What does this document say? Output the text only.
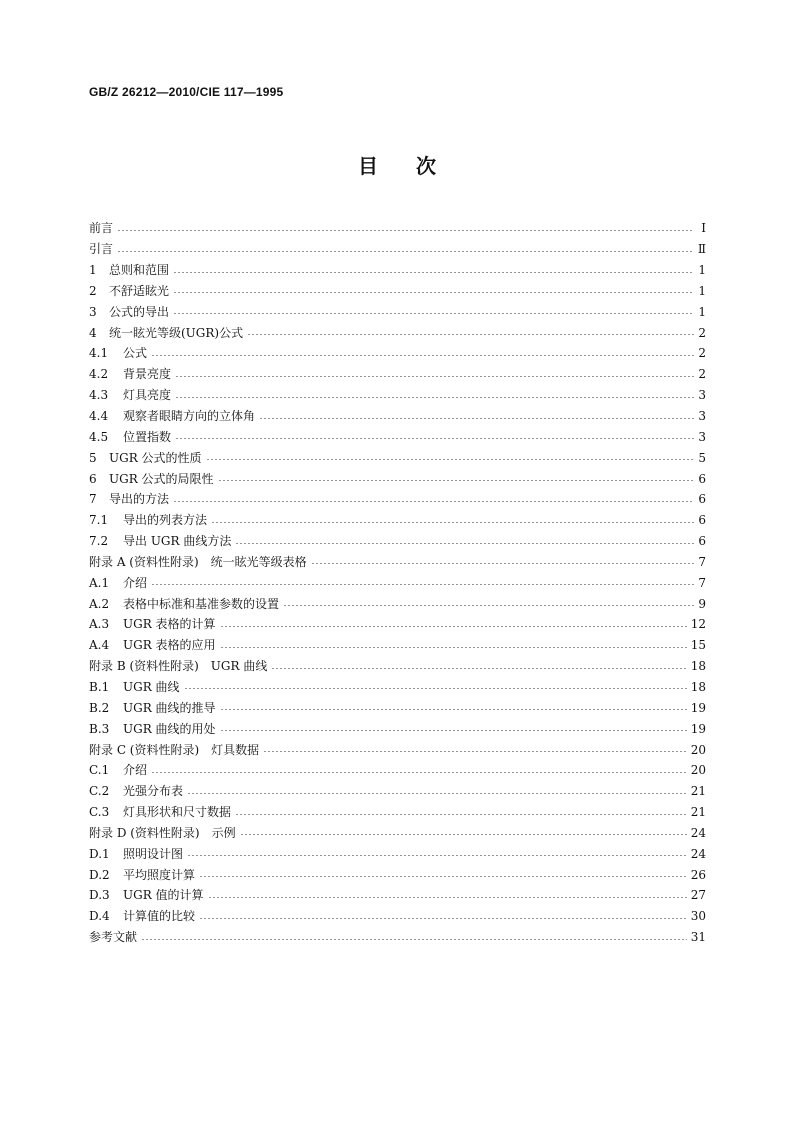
GB/Z 26212—2010/CIE 117—1995
目次
前言	Ⅰ
引言	Ⅱ
1	总则和范围	1
2	不舒适眩光	1
3	公式的导出	1
4	统一眩光等级(UGR)公式	2
4.1	公式	2
4.2	背景亮度	2
4.3	灯具亮度	3
4.4	观察者眼睛方向的立体角	3
4.5	位置指数	3
5	UGR 公式的性质	5
6	UGR 公式的局限性	6
7	导出的方法	6
7.1	导出的列表方法	6
7.2	导出 UGR 曲线方法	6
附录 A (资料性附录)　统一眩光等级表格	7
A.1	介绍	7
A.2	表格中标准和基准参数的设置	9
A.3	UGR 表格的计算	12
A.4	UGR 表格的应用	15
附录 B (资料性附录)　UGR 曲线	18
B.1	UGR 曲线	18
B.2	UGR 曲线的推导	19
B.3	UGR 曲线的用处	19
附录 C (资料性附录)　灯具数据	20
C.1	介绍	20
C.2	光强分布表	21
C.3	灯具形状和尺寸数据	21
附录 D (资料性附录)　示例	24
D.1	照明设计图	24
D.2	平均照度计算	26
D.3	UGR 值的计算	27
D.4	计算值的比较	30
参考文献	31
